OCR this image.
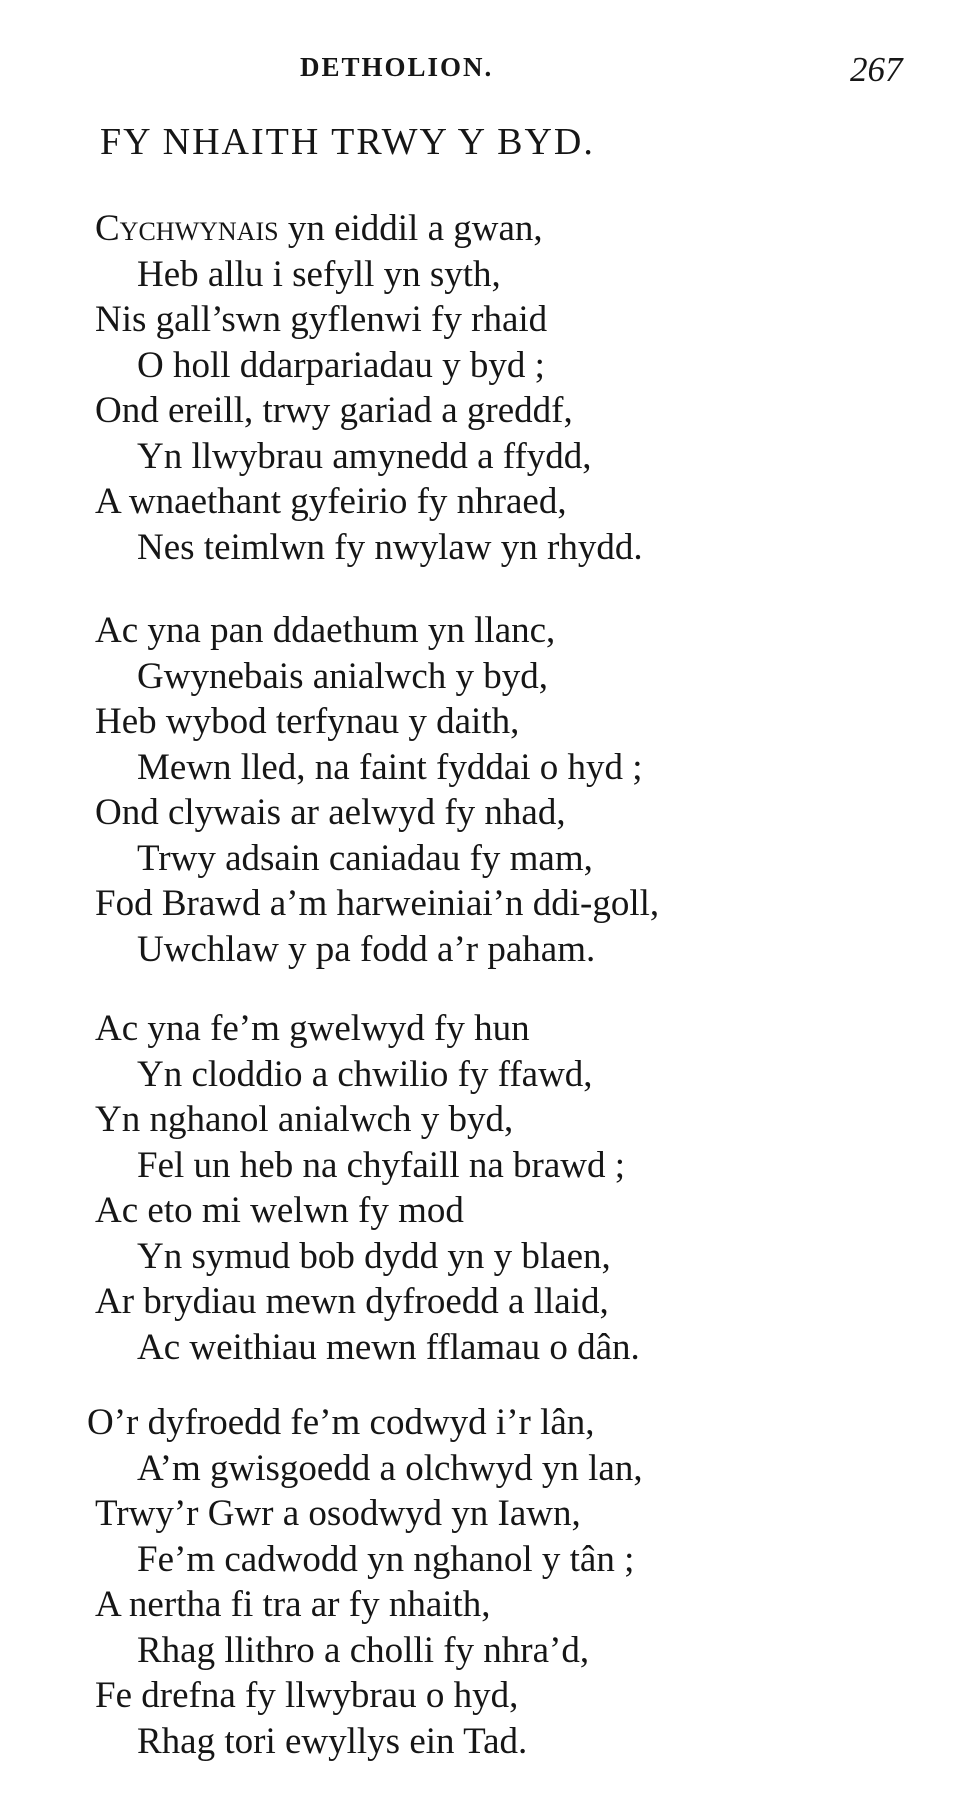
DETHOLION.	267
FY NHAITH TRWY Y BYD.
Cychwynais yn eiddil a gwan,
Heb allu i sefyll yn syth,
Nis gall’swn gyflenwi fy rhaid
O holl ddarpariadau y byd ;
Ond ereill, trwy gariad a greddf,
Yn llwybrau amynedd a ffydd,
A wnaethant gyfeirio fy nhraed,
Nes teimlwn fy nwylaw yn rhydd.
Ac yna pan ddaethum yn llanc,
Gwynebais anialwch y byd,
Heb wybod terfynau y daith,
Mewn lled, na faint fyddai o hyd ;
Ond clywais ar aelwyd fy nhad,
Trwy adsain caniadau fy mam,
Fod Brawd a’m harweiniai’n ddi-goll,
Uwchlaw y pa fodd a’r paham.
Ac yna fe’m gwelwyd fy hun
Yn cloddio a chwilio fy ffawd,
Yn nghanol anialwch y byd,
Fel un heb na chyfaill na brawd ;
Ac eto mi welwn fy mod
Yn symud bob dydd yn y blaen,
Ar brydiau mewn dyfroedd a llaid,
Ac weithiau mewn fflamau o dân.
O’r dyfroedd fe’m codwyd i’r lân,
A’m gwisgoedd a olchwyd yn lan,
Trwy’r Gwr a osodwyd yn Iawn,
Fe’m cadwodd yn nghanol y tân ;
A nertha fi tra ar fy nhaith,
Rhag llithro a cholli fy nhra’d,
Fe drefna fy llwybrau o hyd,
Rhag tori ewyllys ein Tad.
